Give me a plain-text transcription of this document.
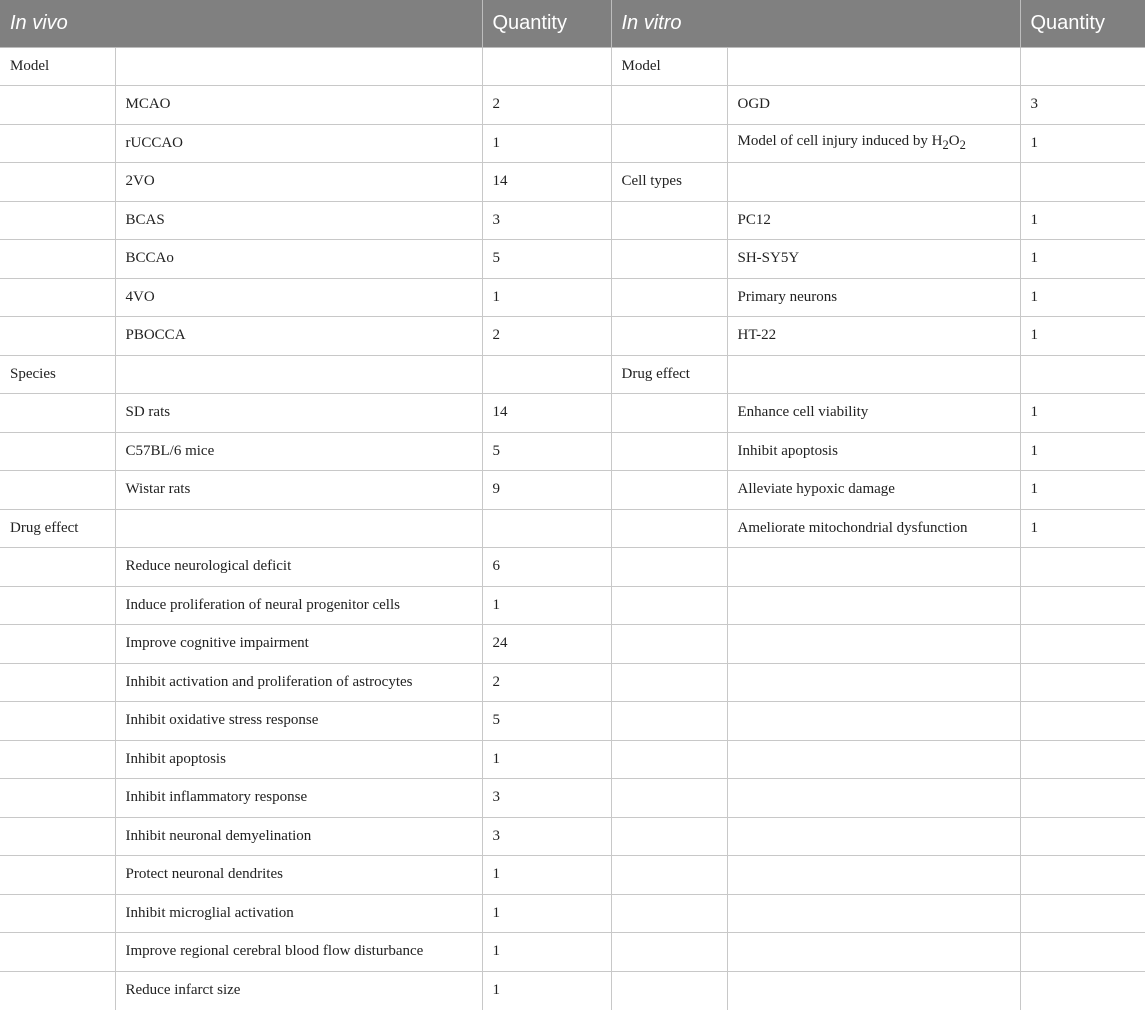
In vivo		Quantity	In vitro		Quantity
Model			Model		
	MCAO	2		OGD	3
	rUCCAO	1		Model of cell injury induced by $H_2O_2$	1
	2VO	14	Cell types		
	BCAS	3		PC12	1
	BCCAo	5		SH-SY5Y	1
	4VO	1		Primary neurons	1
	PBOCCA	2		HT-22	1
Species			Drug effect		
	SD rats	14		Enhance cell viability	1
	C57BL/6 mice	5		Inhibit apoptosis	1
	Wistar rats	9		Alleviate hypoxic damage	1
Drug effect				Ameliorate mitochondrial dysfunction	1
	Reduce neurological deficit	6			
	Induce proliferation of neural progenitor cells	1			
	Improve cognitive impairment	24			
	Inhibit activation and proliferation of astrocytes	2			
	Inhibit oxidative stress response	5			
	Inhibit apoptosis	1			
	Inhibit inflammatory response	3			
	Inhibit neuronal demyelination	3			
	Protect neuronal dendrites	1			
	Inhibit microglial activation	1			
	Improve regional cerebral blood flow disturbance	1			
	Reduce infarct size	1			
